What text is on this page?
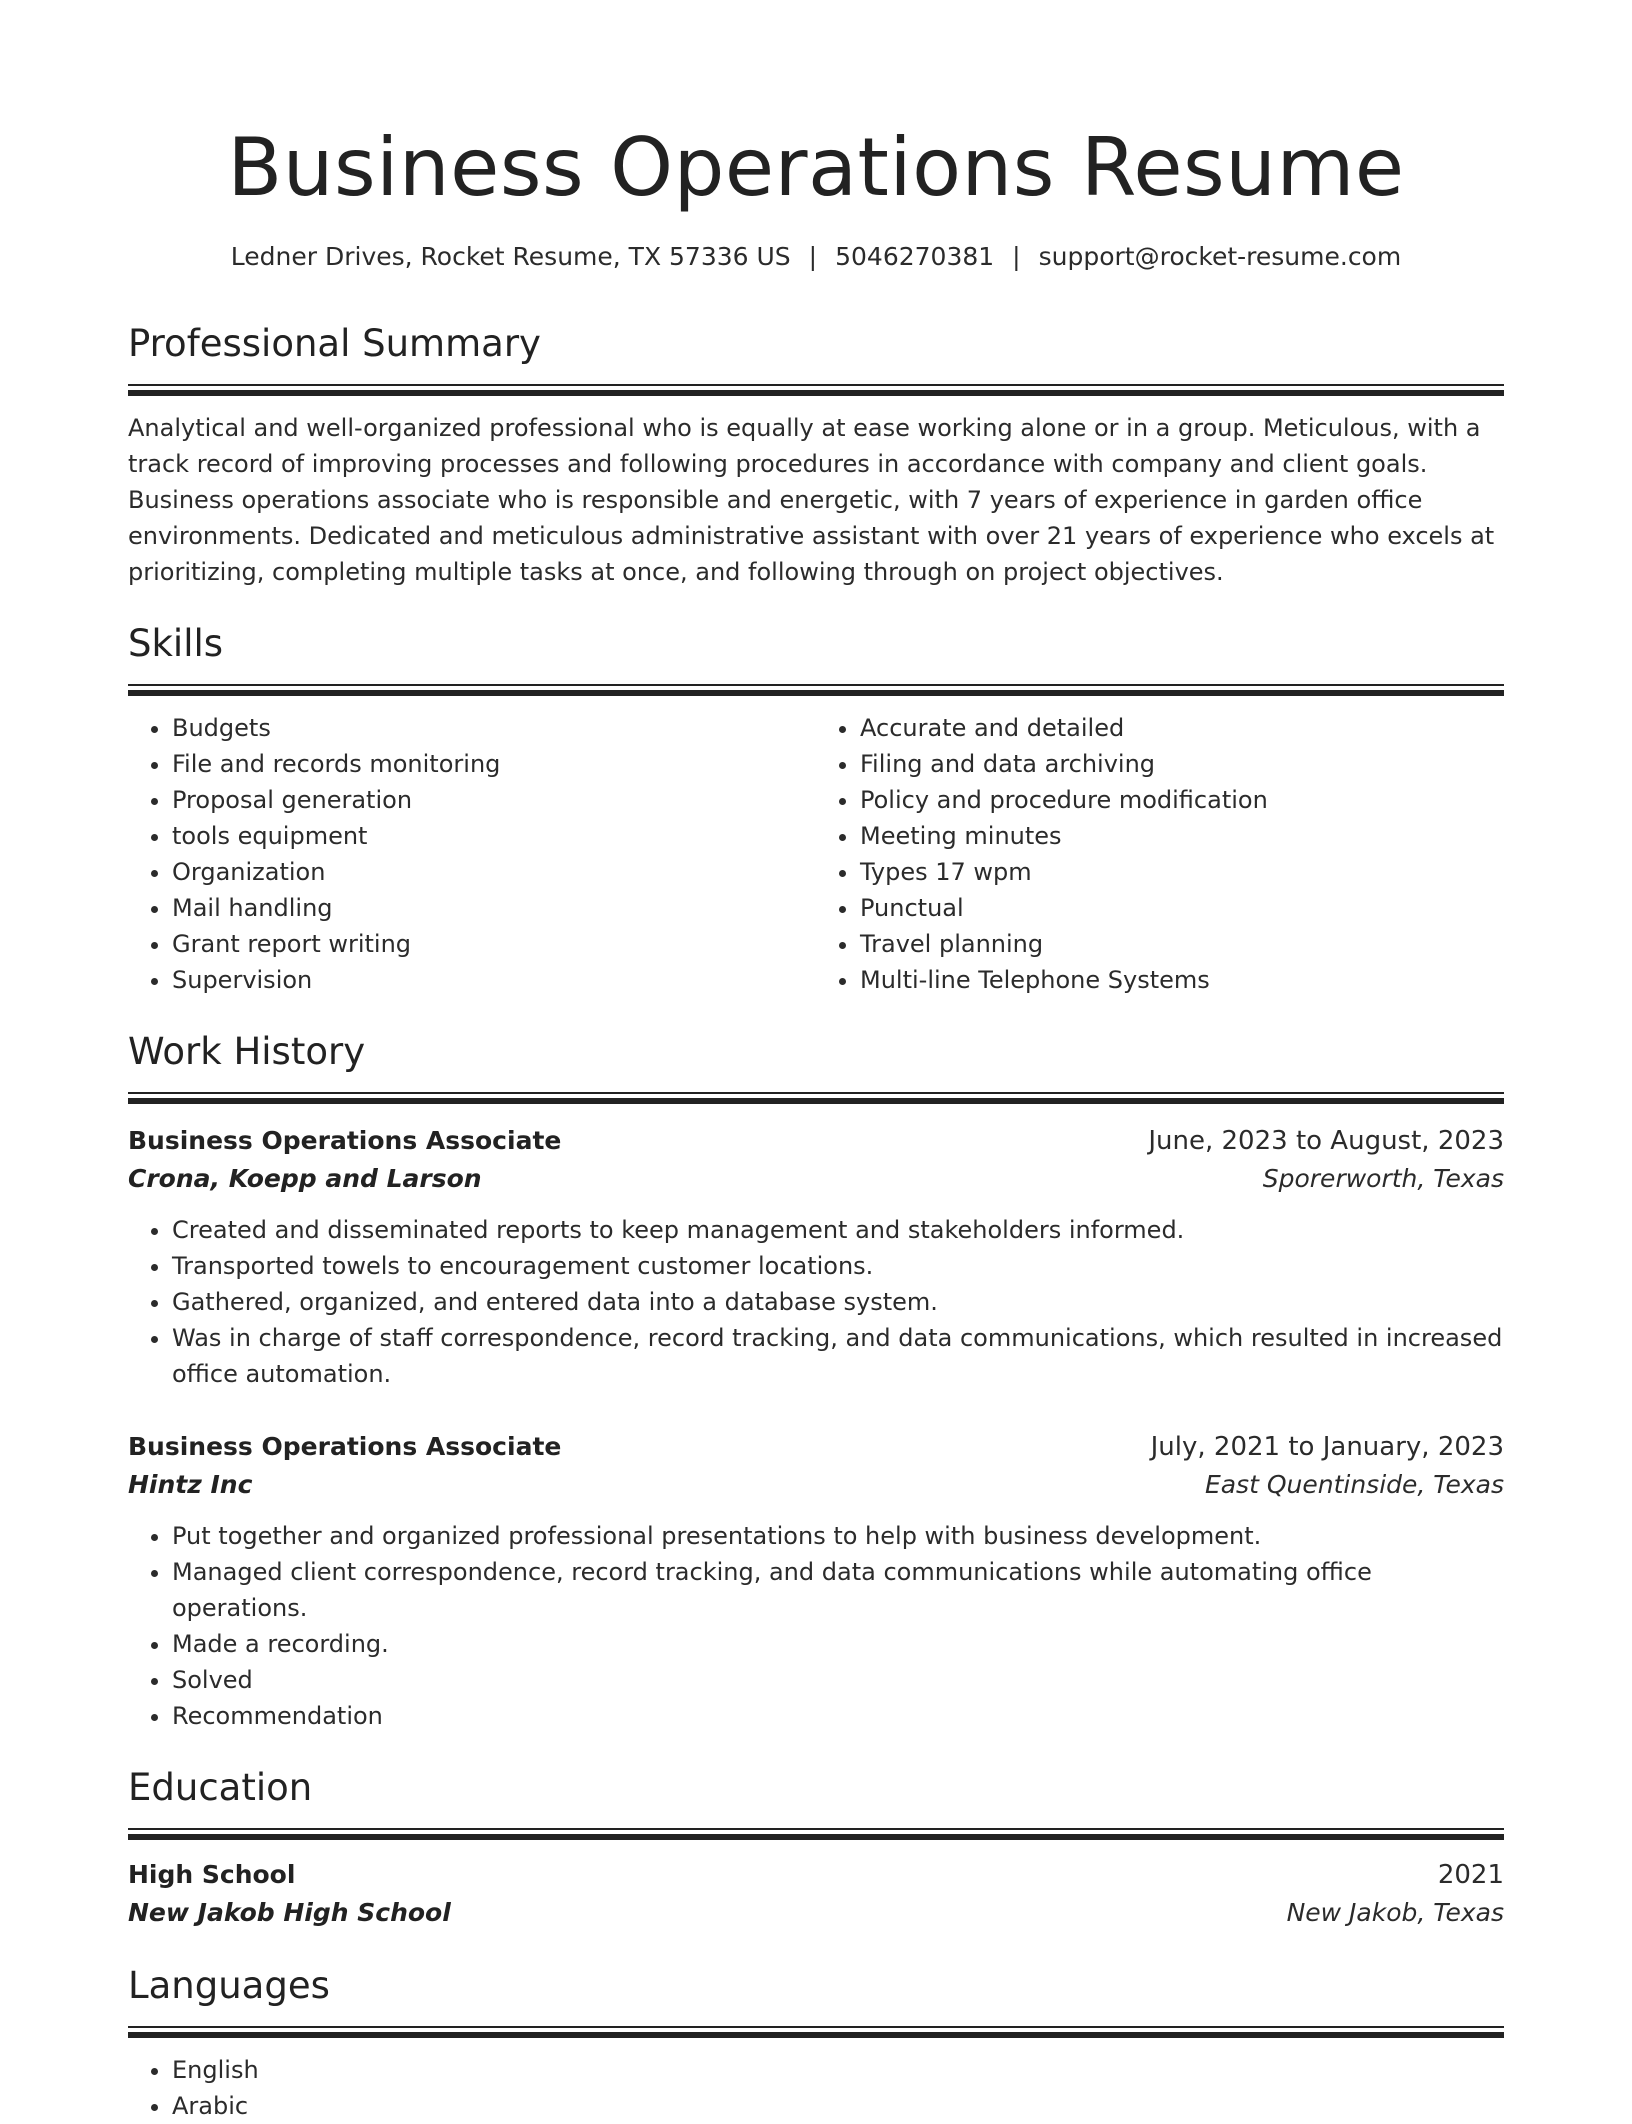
Business Operations Resume
Ledner Drives, Rocket Resume, TX 57336 US | 5046270381 | support@rocket-resume.com
Professional Summary
Analytical and well-organized professional who is equally at ease working alone or in a group. Meticulous, with a track record of improving processes and following procedures in accordance with company and client goals. Business operations associate who is responsible and energetic, with 7 years of experience in garden office environments. Dedicated and meticulous administrative assistant with over 21 years of experience who excels at prioritizing, completing multiple tasks at once, and following through on project objectives.
Skills
• Budgets
• File and records monitoring
• Proposal generation
• tools equipment
• Organization
• Mail handling
• Grant report writing
• Supervision
• Accurate and detailed
• Filing and data archiving
• Policy and procedure modification
• Meeting minutes
• Types 17 wpm
• Punctual
• Travel planning
• Multi-line Telephone Systems
Work History
Business Operations Associate	June, 2023 to August, 2023
Crona, Koepp and Larson	Sporerworth, Texas
• Created and disseminated reports to keep management and stakeholders informed.
• Transported towels to encouragement customer locations.
• Gathered, organized, and entered data into a database system.
• Was in charge of staff correspondence, record tracking, and data communications, which resulted in increased office automation.
Business Operations Associate	July, 2021 to January, 2023
Hintz Inc	East Quentinside, Texas
• Put together and organized professional presentations to help with business development.
• Managed client correspondence, record tracking, and data communications while automating office operations.
• Made a recording.
• Solved
• Recommendation
Education
High School	2021
New Jakob High School	New Jakob, Texas
Languages
• English
• Arabic
